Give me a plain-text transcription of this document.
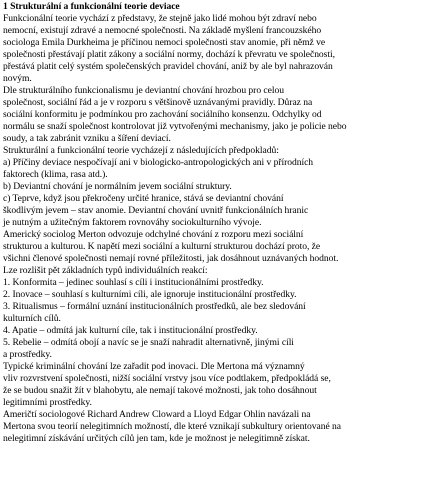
1 Strukturální a funkcionální teorie deviace
Funkcionální teorie vychází z představy, že stejně jako lidé mohou být zdraví nebo
nemocní, existují zdravé a nemocné společnosti. Na základě myšlení francouzského
sociologa Emila Durkheima je příčinou nemoci společnosti stav anomie, při němž ve
společnosti přestávají platit zákony a sociální normy, dochází k převratu ve společnosti,
přestává platit celý systém společenských pravidel chování, aniž by ale byl nahrazován
novým.
Dle strukturálního funkcionalismu je deviantní chování hrozbou pro celou
společnost, sociální řád a je v rozporu s většinově uznávanými pravidly. Důraz na
sociální konformitu je podmínkou pro zachování sociálního konsenzu. Odchylky od
normálu se snaží společnost kontrolovat již vytvořenými mechanismy, jako je policie nebo
soudy, a tak zabránit vzniku a šíření deviací.
Strukturální a funkcionální teorie vycházejí z následujících předpokladů:
a) Příčiny deviace nespočívají ani v biologicko-antropologických ani v přírodních
faktorech (klima, rasa atd.).
b) Deviantní chování je normálním jevem sociální struktury.
c) Teprve, když jsou překročeny určité hranice, stává se deviantní chování
škodlivým jevem – stav anomie. Deviantní chování uvnitř funkcionálních hranic
je nutným a užitečným faktorem rovnováhy sociokulturního vývoje.
Americký sociolog Merton odvozuje odchylné chování z rozporu mezi sociální
strukturou a kulturou. K napětí mezi sociální a kulturní strukturou dochází proto, že
všichni členové společnosti nemají rovné příležitosti, jak dosáhnout uznávaných hodnot.
Lze rozlišit pět základních typů individuálních reakcí:
1. Konformita – jedinec souhlasí s cíli i institucionálními prostředky.
2. Inovace – souhlasí s kulturními cíli, ale ignoruje institucionální prostředky.
3. Ritualismus – formální uznání institucionálních prostředků, ale bez sledování
kulturních cílů.
4. Apatie – odmítá jak kulturní cíle, tak i institucionální prostředky.
5. Rebelie – odmítá obojí a navíc se je snaží nahradit alternativně, jinými cíli
a prostředky.
Typické kriminální chování lze zařadit pod inovaci. Dle Mertona má významný
vliv rozvrstvení společnosti, nižší sociální vrstvy jsou více podtlakem, předpokládá se,
že se budou snažit žít v blahobytu, ale nemají takové možnosti, jak toho dosáhnout
legitimními prostředky.
Američtí sociologové Richard Andrew Cloward a Lloyd Edgar Ohlin navázali na
Mertona svou teorií nelegitimních možností, dle které vznikají subkultury orientované na
nelegitimní získávání určitých cílů jen tam, kde je možnost je nelegitimně získat.
